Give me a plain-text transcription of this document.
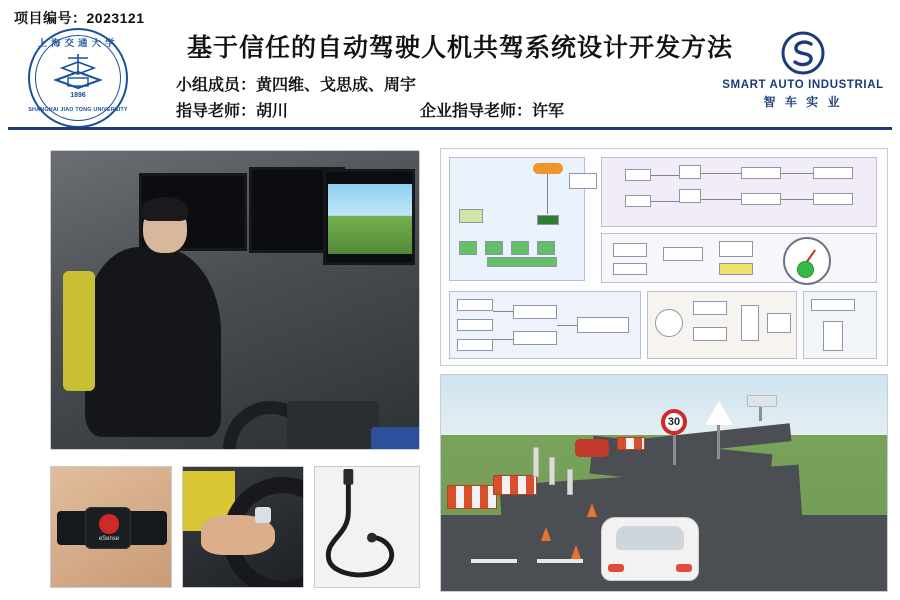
项目编号：2023121
上海交通大学
1896
SHANGHAI JIAO TONG UNIVERSITY
基于信任的自动驾驶人机共驾系统设计开发方法
小组成员：黄四维、戈思成、周宇
指导老师：胡川	企业指导老师：许军
SMART AUTO INDUSTRIAL
智 车 实 业
30
eSense
